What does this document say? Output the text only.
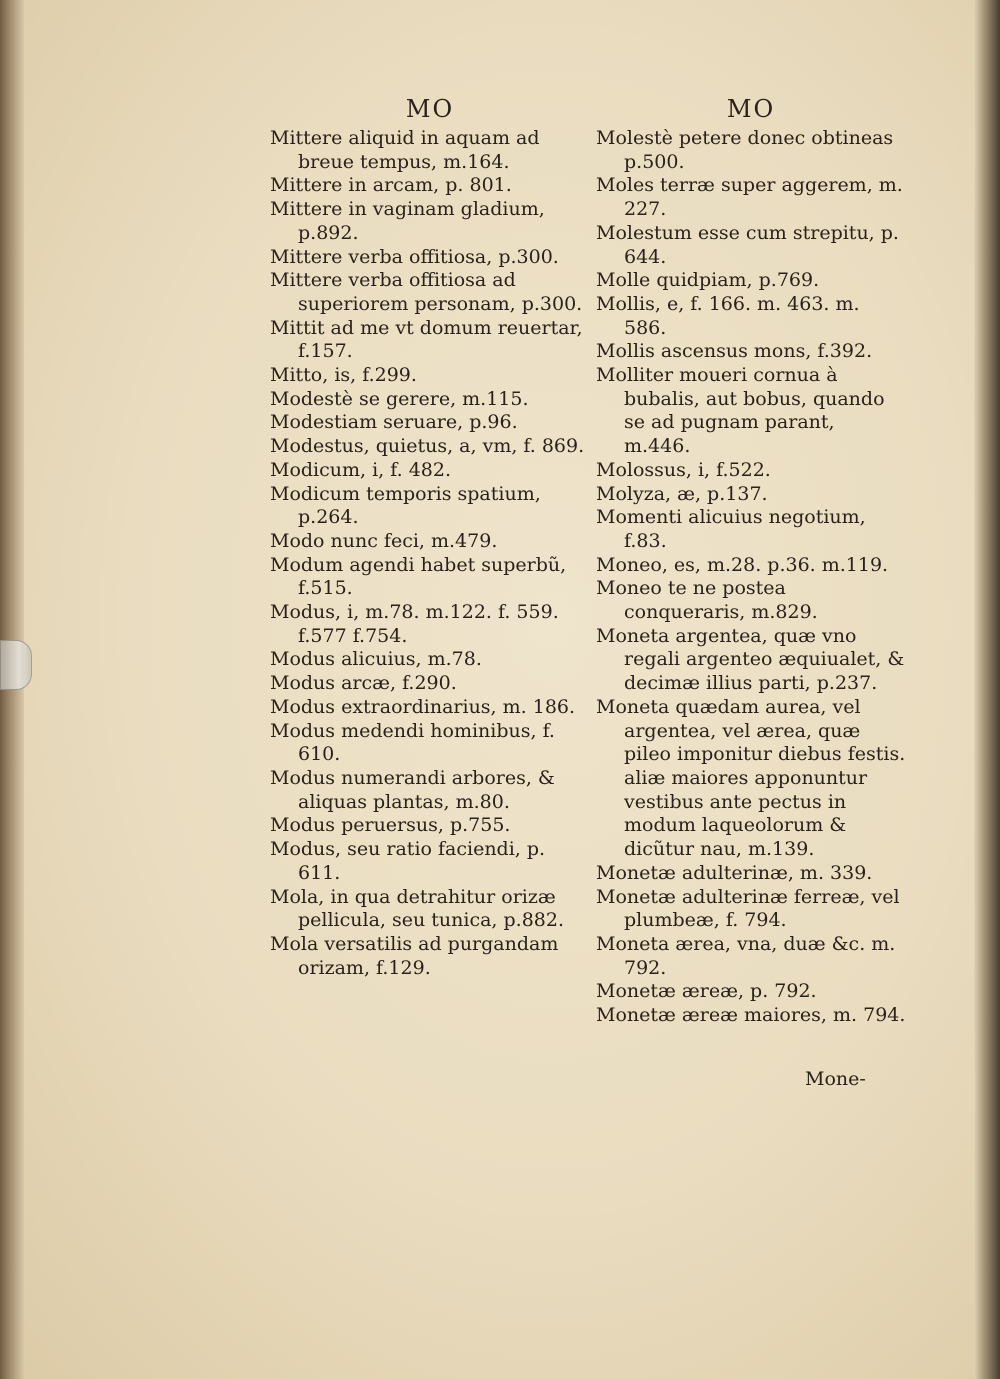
MO
Mittere aliquid in aquam ad breue tempus, m.164.
Mittere in arcam, p. 801.
Mittere in vaginam gladium, p.892.
Mittere verba offitiosa, p.300.
Mittere verba offitiosa ad superiorem personam, p.300.
Mittit ad me vt domum reuertar, f.157.
Mitto, is, f.299.
Modestè se gerere, m.115.
Modestiam seruare, p.96.
Modestus, quietus, a, vm, f. 869.
Modicum, i, f. 482.
Modicum temporis spatium, p.264.
Modo nunc feci, m.479.
Modum agendi habet superbũ, f.515.
Modus, i, m.78. m.122. f. 559. f.577 f.754.
Modus alicuius, m.78.
Modus arcæ, f.290.
Modus extraordinarius, m. 186.
Modus medendi hominibus, f. 610.
Modus numerandi arbores, & aliquas plantas, m.80.
Modus peruersus, p.755.
Modus, seu ratio faciendi, p. 611.
Mola, in qua detrahitur orizæ pellicula, seu tunica, p.882.
Mola versatilis ad purgandam orizam, f.129.
MO
Molestè petere donec obtineas p.500.
Moles terræ super aggerem, m. 227.
Molestum esse cum strepitu, p. 644.
Molle quidpiam, p.769.
Mollis, e, f. 166. m. 463. m. 586.
Mollis ascensus mons, f.392.
Molliter moueri cornua à bubalis, aut bobus, quando se ad pugnam parant, m.446.
Molossus, i, f.522.
Molyza, æ, p.137.
Momenti alicuius negotium, f.83.
Moneo, es, m.28. p.36. m.119.
Moneo te ne postea conqueraris, m.829.
Moneta argentea, quæ vno regali argenteo æquiualet, & decimæ illius parti, p.237.
Moneta quædam aurea, vel argentea, vel ærea, quæ pileo imponitur diebus festis. aliæ maiores apponuntur vestibus ante pectus in modum laqueolorum & dicũtur nau, m.139.
Monetæ adulterinæ, m. 339.
Monetæ adulterinæ ferreæ, vel plumbeæ, f. 794.
Moneta ærea, vna, duæ &c. m. 792.
Monetæ æreæ, p. 792.
Monetæ æreæ maiores, m. 794.
Mone-
